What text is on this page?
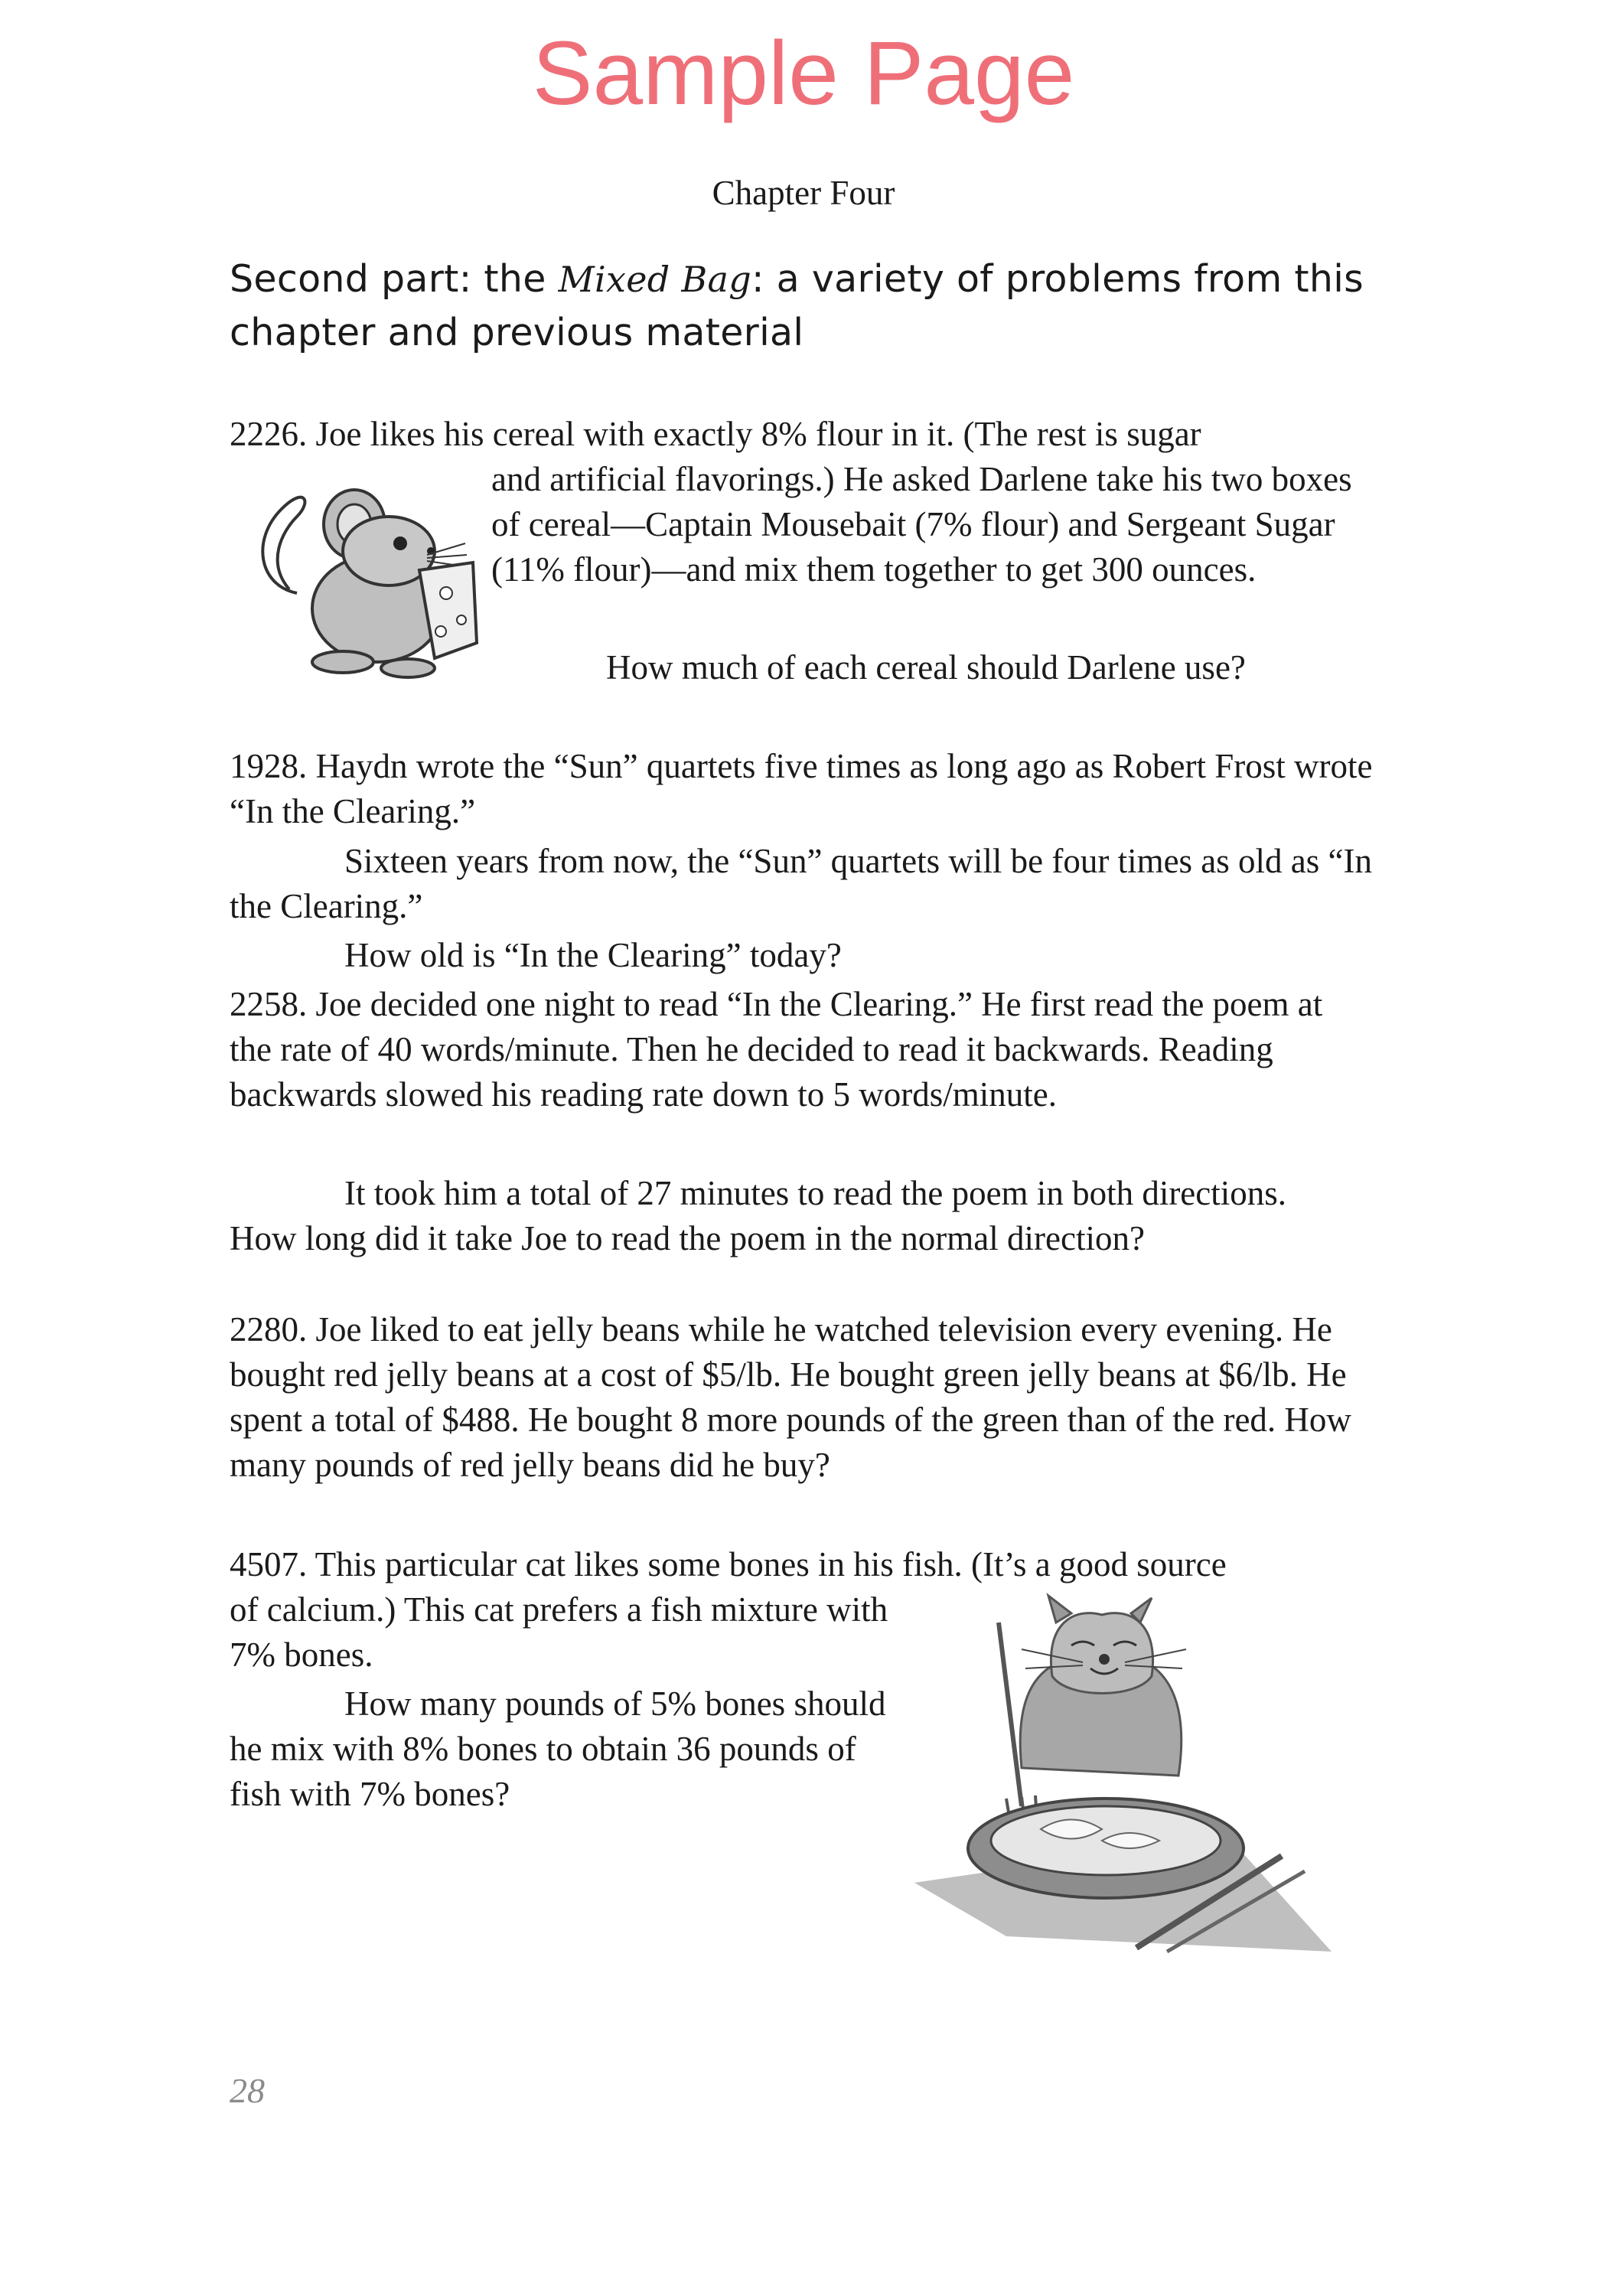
Sample Page
Chapter Four
Second part: the Mixed Bag: a variety of problems from this chapter and previous material

2226. Joe likes his cereal with exactly 8% flour in it. (The rest is sugar

and artificial flavorings.) He asked Darlene take his two boxes of cereal—Captain Mousebait (7% flour) and Sergeant Sugar (11% flour)—and mix them together to get 300 ounces.

How much of each cereal should Darlene use?

1928. Haydn wrote the “Sun” quartets five times as long ago as Robert Frost wrote “In the Clearing.”

Sixteen years from now, the “Sun” quartets will be four times as old as “In the Clearing.”

How old is “In the Clearing” today?

2258. Joe decided one night to read “In the Clearing.” He first read the poem at the rate of 40 words/minute. Then he decided to read it backwards. Reading backwards slowed his reading rate down to 5 words/minute.

It took him a total of 27 minutes to read the poem in both directions. How long did it take Joe to read the poem in the normal direction?

2280. Joe liked to eat jelly beans while he watched television every evening. He bought red jelly beans at a cost of $5/lb. He bought green jelly beans at $6/lb. He spent a total of $488. He bought 8 more pounds of the green than of the red. How many pounds of red jelly beans did he buy?

4507. This particular cat likes some bones in his fish. (It’s a good source

of calcium.) This cat prefers a fish mixture with 7% bones.

How many pounds of 5% bones should he mix with 8% bones to obtain 36 pounds of fish with 7% bones?

28
